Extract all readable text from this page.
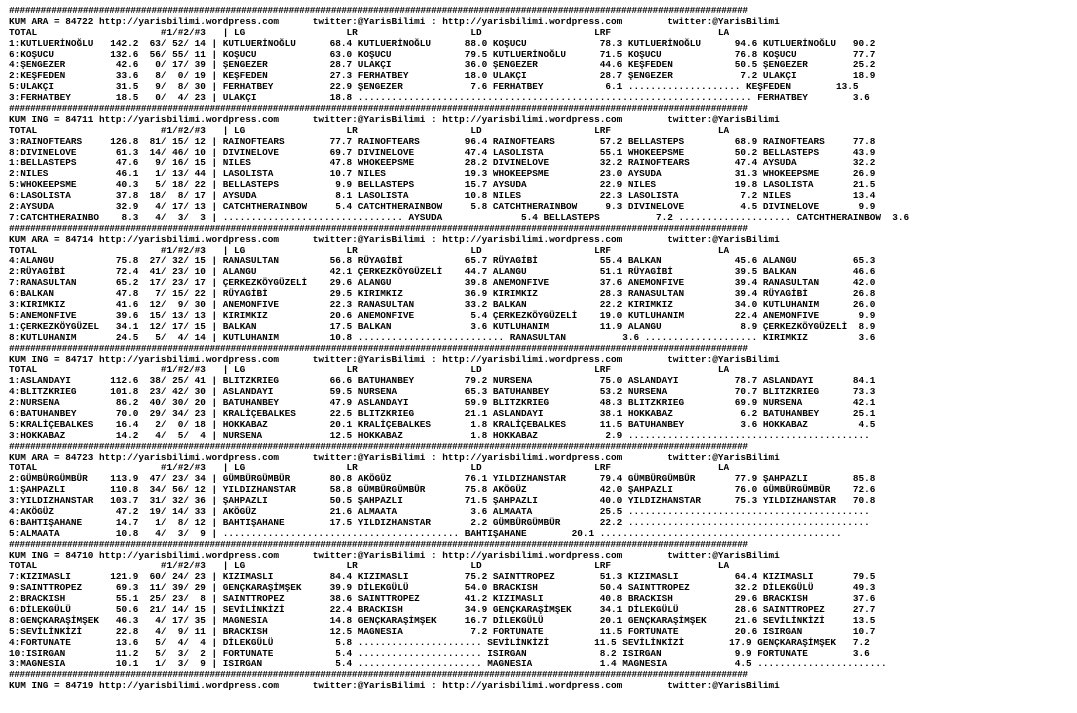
############################################################################################################################################
KUM ARA = 84722 http://yarisbilimi.wordpress.com      twitter:@YarisBilimi : http://yarisbilimi.wordpress.com        twitter:@YarisBilimi
TOTAL                      #1/#2/#3   | LG                  LR                    LD                    LRF                   LA
1:KUTLUERİNOĞLU   142.2  63/ 52/ 14 | KUTLUERİNOĞLU      68.4 KUTLUERİNOĞLU      88.0 KOŞUCU             78.3 KUTLUERİNOĞLU      94.6 KUTLUERİNOĞLU   90.2
6:KOŞUCU          132.6  56/ 55/ 11 | KOŞUCU             63.0 KOŞUCU             79.5 KUTLUERİNOĞLU      71.5 KOŞUCU             76.8 KOŞUCU          77.7
4:ŞENGEZER         42.6   0/ 17/ 39 | ŞENGEZER           28.7 ULAKÇI             36.0 ŞENGEZER           44.6 KEŞFEDEN           50.5 ŞENGEZER        25.2
2:KEŞFEDEN         33.6   8/  0/ 19 | KEŞFEDEN           27.3 FERHATBEY          18.0 ULAKÇI             28.7 ŞENGEZER            7.2 ULAKÇI          18.9
5:ULAKÇI           31.5   9/  8/ 30 | FERHATBEY          22.9 ŞENGEZER            7.6 FERHATBEY           6.1 .................... KEŞFEDEN        13.5
3:FERHATBEY        18.5   0/  4/ 23 | ULAKÇI             18.8 ...................................................................... FERHATBEY        3.6
############################################################################################################################################
KUM ING = 84711 http://yarisbilimi.wordpress.com      twitter:@YarisBilimi : http://yarisbilimi.wordpress.com        twitter:@YarisBilimi
TOTAL                      #1/#2/#3   | LG                  LR                    LD                    LRF                   LA
3:RAINOFTEARS     126.8  81/ 15/ 12 | RAINOFTEARS        77.7 RAINOFTEARS        96.4 RAINOFTEARS        57.2 BELLASTEPS         68.9 RAINOFTEARS     77.8
8:DIVINELOVE       61.3  14/ 46/ 10 | DIVINELOVE         69.7 DIVINELOVE         47.4 LASOLISTA          55.1 WHOKEEPSME         50.2 BELLASTEPS      43.9
1:BELLASTEPS       47.6   9/ 16/ 15 | NILES              47.8 WHOKEEPSME         28.2 DIVINELOVE         32.2 RAINOFTEARS        47.4 AYSUDA          32.2
2:NILES            46.1   1/ 13/ 44 | LASOLISTA          10.7 NILES              19.3 WHOKEEPSME         23.0 AYSUDA             31.3 WHOKEEPSME      26.9
5:WHOKEEPSME       40.3   5/ 18/ 22 | BELLASTEPS          9.9 BELLASTEPS         15.7 AYSUDA             22.9 NILES              19.8 LASOLISTA       21.5
6:LASOLISTA        37.8  18/  8/ 17 | AYSUDA              8.1 LASOLISTA          10.8 NILES              22.3 LASOLISTA           7.2 NILES           13.4
2:AYSUDA           32.9   4/ 17/ 13 | CATCHTHERAINBOW     5.4 CATCHTHERAINBOW     5.8 CATCHTHERAINBOW     9.3 DIVINELOVE          4.5 DIVINELOVE       9.9
7:CATCHTHERAINBO    8.3   4/  3/  3 | ................................ AYSUDA              5.4 BELLASTEPS          7.2 .................... CATCHTHERAINBOW  3.6
############################################################################################################################################
KUM ARA = 84714 http://yarisbilimi.wordpress.com      twitter:@YarisBilimi : http://yarisbilimi.wordpress.com        twitter:@YarisBilimi
TOTAL                      #1/#2/#3   | LG                  LR                    LD                    LRF                   LA
4:ALANGU           75.8  27/ 32/ 15 | RANASULTAN         56.8 RÜYAGİBİ           65.7 RÜYAGİBİ           55.4 BALKAN             45.6 ALANGU          65.3
2:RÜYAGİBİ         72.4  41/ 23/ 10 | ALANGU             42.1 ÇERKEZKÖYGÜZELİ    44.7 ALANGU             51.1 RÜYAGİBİ           39.5 BALKAN          46.6
7:RANASULTAN       65.2  17/ 23/ 17 | ÇERKEZKÖYGÜZELİ    29.6 ALANGU             39.8 ANEMONFIVE         37.6 ANEMONFIVE         39.4 RANASULTAN      42.0
6:BALKAN           47.8   7/ 15/ 22 | RÜYAGİBİ           29.5 KIRIMKIZ           36.9 KIRIMKIZ           28.3 RANASULTAN         39.4 RÜYAGİBİ        26.8
3:KIRIMKIZ         41.6  12/  9/ 30 | ANEMONFIVE         22.3 RANASULTAN         33.2 BALKAN             22.2 KIRIMKIZ           34.0 KUTLUHANIM      26.0
5:ANEMONFIVE       39.6  15/ 13/ 13 | KIRIMKIZ           20.6 ANEMONFIVE          5.4 ÇERKEZKÖYGÜZELİ    19.0 KUTLUHANIM         22.4 ANEMONFIVE       9.9
1:ÇERKEZKÖYGÜZEL   34.1  12/ 17/ 15 | BALKAN             17.5 BALKAN              3.6 KUTLUHANIM         11.9 ALANGU              8.9 ÇERKEZKÖYGÜZELİ  8.9
8:KUTLUHANIM       24.5   5/  4/ 14 | KUTLUHANIM         10.8 .......................... RANASULTAN          3.6 .................... KIRIMKIZ         3.6
############################################################################################################################################
KUM ING = 84717 http://yarisbilimi.wordpress.com      twitter:@YarisBilimi : http://yarisbilimi.wordpress.com        twitter:@YarisBilimi
TOTAL                      #1/#2/#3   | LG                  LR                    LD                    LRF                   LA
1:ASLANDAYI       112.6  38/ 25/ 41 | BLITZKRIEG         66.6 BATUHANBEY         79.2 NURSENA            75.0 ASLANDAYI          78.7 ASLANDAYI       84.1
4:BLITZKRIEG      101.8  23/ 42/ 30 | ASLANDAYI          59.5 NURSENA            65.3 BATUHANBEY         53.2 NURSENA            70.7 BLITZKRIEG      73.3
2:NURSENA          86.2  40/ 30/ 20 | BATUHANBEY         47.9 ASLANDAYI          59.9 BLITZKRIEG         48.3 BLITZKRIEG         69.9 NURSENA         42.1
6:BATUHANBEY       70.0  29/ 34/ 23 | KRALİÇEBALKES      22.5 BLITZKRIEG         21.1 ASLANDAYI          38.1 HOKKABAZ            6.2 BATUHANBEY      25.1
5:KRALİÇEBALKES    16.4   2/  0/ 18 | HOKKABAZ           20.1 KRALİÇEBALKES       1.8 KRALİÇEBALKES      11.5 BATUHANBEY          3.6 HOKKABAZ         4.5
3:HOKKABAZ         14.2   4/  5/  4 | NURSENA            12.5 HOKKABAZ            1.8 HOKKABAZ            2.9 ...........................................
############################################################################################################################################
KUM ARA = 84723 http://yarisbilimi.wordpress.com      twitter:@YarisBilimi : http://yarisbilimi.wordpress.com        twitter:@YarisBilimi
TOTAL                      #1/#2/#3   | LG                  LR                    LD                    LRF                   LA
2:GÜMBÜRGÜMBÜR    113.9  47/ 23/ 34 | GÜMBÜRGÜMBÜR       80.8 AKÖGÜZ             76.1 YILDIZHANSTAR      79.4 GÜMBÜRGÜMBÜR       77.9 ŞAHPAZLI        85.8
1:ŞAHPAZLI        110.8  34/ 56/ 12 | YILDIZHANSTAR      58.8 GÜMBÜRGÜMBÜR       75.8 AKÖGÜZ             42.0 ŞAHPAZLI           76.0 GÜMBÜRGÜMBÜR    72.6
3:YILDIZHANSTAR   103.7  31/ 32/ 36 | ŞAHPAZLI           50.5 ŞAHPAZLI           71.5 ŞAHPAZLI           40.0 YILDIZHANSTAR      75.3 YILDIZHANSTAR   70.8
4:AKÖGÜZ           47.2  19/ 14/ 33 | AKÖGÜZ             21.6 ALMAATA             3.6 ALMAATA            25.5 ...........................................
6:BAHTIŞAHANE      14.7   1/  8/ 12 | BAHTIŞAHANE        17.5 YILDIZHANSTAR       2.2 GÜMBÜRGÜMBÜR       22.2 ...........................................
5:ALMAATA          10.8   4/  3/  9 | .......................................... BAHTIŞAHANE        20.1 ...........................................
############################################################################################################################################
KUM ING = 84710 http://yarisbilimi.wordpress.com      twitter:@YarisBilimi : http://yarisbilimi.wordpress.com        twitter:@YarisBilimi
TOTAL                      #1/#2/#3   | LG                  LR                    LD                    LRF                   LA
7:KIZIMASLI       121.9  60/ 24/ 23 | KIZIMASLI          84.4 KIZIMASLI          75.2 SAINTTROPEZ        51.3 KIZIMASLI          64.4 KIZIMASLI       79.5
9:SAINTTROPEZ      69.3  11/ 39/ 29 | GENÇKARAŞİMŞEK     39.9 DİLEKGÜLÜ          54.0 BRACKISH           50.4 SAINTTROPEZ        32.2 DİLEKGÜLÜ       49.3
2:BRACKISH         55.1  25/ 23/  8 | SAINTTROPEZ        38.6 SAINTTROPEZ        41.2 KIZIMASLI          40.8 BRACKISH           29.6 BRACKISH        37.6
6:DİLEKGÜLÜ        50.6  21/ 14/ 15 | SEVİLİNKİZİ        22.4 BRACKISH           34.9 GENÇKARAŞİMŞEK     34.1 DİLEKGÜLÜ          28.6 SAINTTROPEZ     27.7
8:GENÇKARAŞİMŞEK   46.3   4/ 17/ 35 | MAGNESIA           14.8 GENÇKARAŞİMŞEK     16.7 DİLEKGÜLÜ          20.1 GENÇKARAŞİMŞEK     21.6 SEVİLİNKİZİ     13.5
5:SEVİLİNKİZİ      22.8   4/  9/ 11 | BRACKISH           12.5 MAGNESIA            7.2 FORTUNATE          11.5 FORTUNATE          20.6 ISIRGAN         10.7
4:FORTUNATE        13.6   5/  4/  4 | DİLEKGÜLÜ           5.8 ...................... SEVİLİNKİZİ        11.5 SEVİLİNKİZİ        17.9 GENÇKARAŞİMŞEK   7.2
10:ISIRGAN         11.2   5/  3/  2 | FORTUNATE           5.4 ...................... ISIRGAN             8.2 ISIRGAN             9.9 FORTUNATE        3.6
3:MAGNESIA         10.1   1/  3/  9 | ISIRGAN             5.4 ...................... MAGNESIA            1.4 MAGNESIA            4.5 .......................
############################################################################################################################################
KUM ING = 84719 http://yarisbilimi.wordpress.com      twitter:@YarisBilimi : http://yarisbilimi.wordpress.com        twitter:@YarisBilimi
